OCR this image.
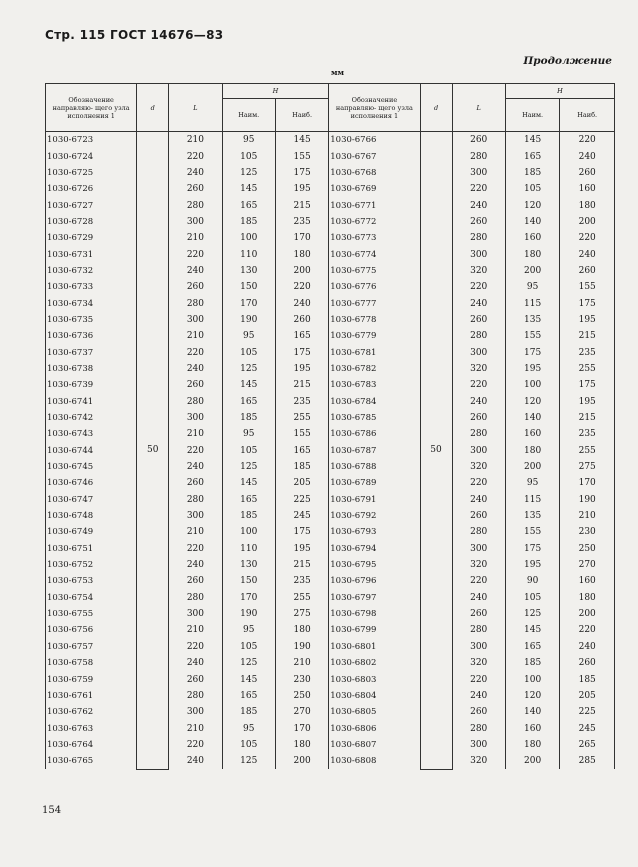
Стр. 115 ГОСТ 14676—83
Продолжение
мм
Обозначение направляю- щего узла исполнения 1	d	L	H		Обозначение направляю- щего узла исполнения 1	d	L	H	
			Наим.	Наиб.				Наим.	Наиб.
1030-6723	50	210	95	145	1030-6766	50	260	145	220
1030-6724		220	105	155	1030-6767		280	165	240
1030-6725		240	125	175	1030-6768		300	185	260
1030-6726		260	145	195	1030-6769		220	105	160
1030-6727		280	165	215	1030-6771		240	120	180
1030-6728		300	185	235	1030-6772		260	140	200
1030-6729		210	100	170	1030-6773		280	160	220
1030-6731		220	110	180	1030-6774		300	180	240
1030-6732		240	130	200	1030-6775		320	200	260
1030-6733		260	150	220	1030-6776		220	95	155
1030-6734		280	170	240	1030-6777		240	115	175
1030-6735		300	190	260	1030-6778		260	135	195
1030-6736		210	95	165	1030-6779		280	155	215
1030-6737		220	105	175	1030-6781		300	175	235
1030-6738		240	125	195	1030-6782		320	195	255
1030-6739		260	145	215	1030-6783		220	100	175
1030-6741		280	165	235	1030-6784		240	120	195
1030-6742		300	185	255	1030-6785		260	140	215
1030-6743		210	95	155	1030-6786		280	160	235
1030-6744		220	105	165	1030-6787		300	180	255
1030-6745		240	125	185	1030-6788		320	200	275
1030-6746		260	145	205	1030-6789		220	95	170
1030-6747		280	165	225	1030-6791		240	115	190
1030-6748		300	185	245	1030-6792		260	135	210
1030-6749		210	100	175	1030-6793		280	155	230
1030-6751		220	110	195	1030-6794		300	175	250
1030-6752		240	130	215	1030-6795		320	195	270
1030-6753		260	150	235	1030-6796		220	90	160
1030-6754		280	170	255	1030-6797		240	105	180
1030-6755		300	190	275	1030-6798		260	125	200
1030-6756		210	95	180	1030-6799		280	145	220
1030-6757		220	105	190	1030-6801		300	165	240
1030-6758		240	125	210	1030-6802		320	185	260
1030-6759		260	145	230	1030-6803		220	100	185
1030-6761		280	165	250	1030-6804		240	120	205
1030-6762		300	185	270	1030-6805		260	140	225
1030-6763		210	95	170	1030-6806		280	160	245
1030-6764		220	105	180	1030-6807		300	180	265
1030-6765		240	125	200	1030-6808		320	200	285
154
